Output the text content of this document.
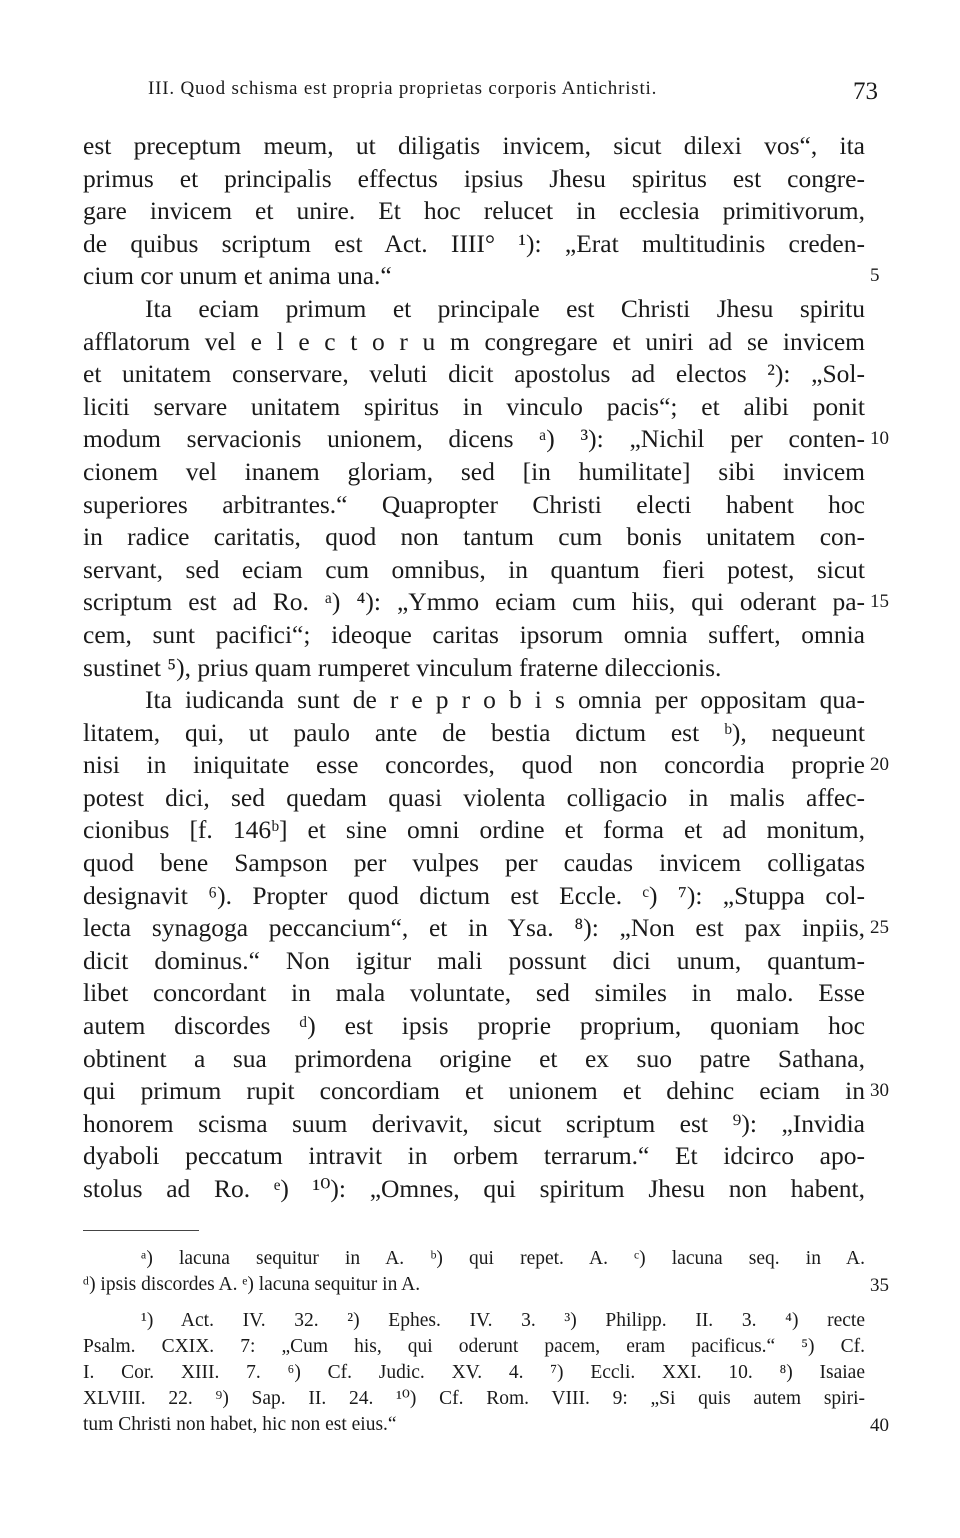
III. Quod schisma est propria proprietas corporis Antichristi.	73
est preceptum meum, ut diligatis invicem, sicut dilexi vos“, ita
primus et principalis effectus ipsius Jhesu spiritus est congre-
gare invicem et unire. Et hoc relucet in ecclesia primitivorum,
de quibus scriptum est Act. IIII° ¹): „Erat multitudinis creden-
cium cor unum et anima una.“
Ita eciam primum et principale est Christi Jhesu spiritu
afflatorum vel e l e c t o r u m congregare et uniri ad se invicem
et unitatem conservare, veluti dicit apostolus ad electos ²): „Sol-
liciti servare unitatem spiritus in vinculo pacis“; et alibi ponit
modum servacionis unionem, dicens ᵃ) ³): „Nichil per conten-
cionem vel inanem gloriam, sed [in humilitate] sibi invicem
superiores arbitrantes.“ Quapropter Christi electi habent hoc
in radice caritatis, quod non tantum cum bonis unitatem con-
servant, sed eciam cum omnibus, in quantum fieri potest, sicut
scriptum est ad Ro. ᵃ) ⁴): „Ymmo eciam cum hiis, qui oderant pa-
cem, sunt pacifici“; ideoque caritas ipsorum omnia suffert, omnia
sustinet ⁵), prius quam rumperet vinculum fraterne dileccionis.
Ita iudicanda sunt de r e p r o b i s omnia per oppositam qua-
litatem, qui, ut paulo ante de bestia dictum est ᵇ), nequeunt
nisi in iniquitate esse concordes, quod non concordia proprie
potest dici, sed quedam quasi violenta colligacio in malis affec-
cionibus [f. 146ᵇ] et sine omni ordine et forma et ad monitum,
quod bene Sampson per vulpes per caudas invicem colligatas
designavit ⁶). Propter quod dictum est Eccle. ᶜ) ⁷): „Stuppa col-
lecta synagoga peccancium“, et in Ysa. ⁸): „Non est pax inpiis,
dicit dominus.“ Non igitur mali possunt dici unum, quantum-
libet concordant in mala voluntate, sed similes in malo. Esse
autem discordes ᵈ) est ipsis proprie proprium, quoniam hoc
obtinent a sua primordena origine et ex suo patre Sathana,
qui primum rupit concordiam et unionem et dehinc eciam in
honorem scisma suum derivavit, sicut scriptum est ⁹): „Invidia
dyaboli peccatum intravit in orbem terrarum.“ Et idcirco apo-
stolus ad Ro. ᵉ) ¹⁰): „Omnes, qui spiritum Jhesu non habent,
5
10
15
20
25
30
ᵃ) lacuna sequitur in A. ᵇ) qui repet. A. ᶜ) lacuna seq. in A.
ᵈ) ipsis discordes A. ᵉ) lacuna sequitur in A.
¹) Act. IV. 32. ²) Ephes. IV. 3. ³) Philipp. II. 3. ⁴) recte
Psalm. CXIX. 7: „Cum his, qui oderunt pacem, eram pacificus.“ ⁵) Cf.
I. Cor. XIII. 7. ⁶) Cf. Judic. XV. 4. ⁷) Eccli. XXI. 10. ⁸) Isaiae
XLVIII. 22. ⁹) Sap. II. 24. ¹⁰) Cf. Rom. VIII. 9: „Si quis autem spiri-
tum Christi non habet, hic non est eius.“
35
40
